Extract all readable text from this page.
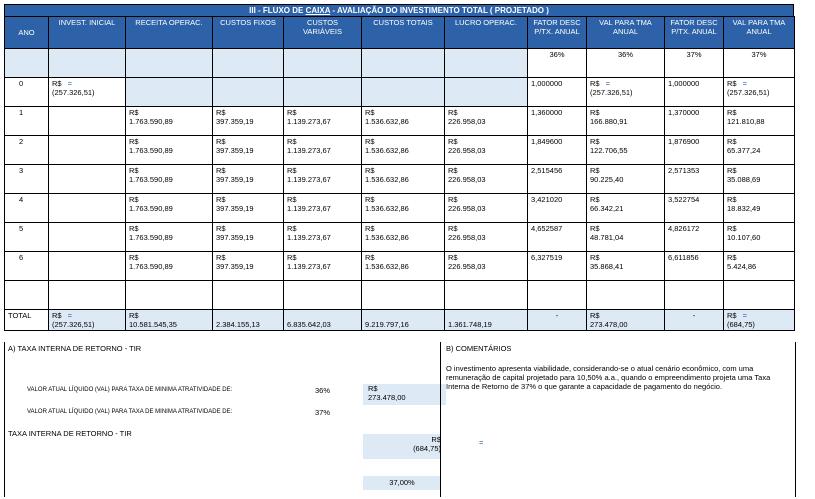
III - FLUXO DE CAIXA - AVALIAÇÃO DO INVESTIMENTO TOTAL ( PROJETADO )
ANO	INVEST. INICIAL	RECEITA OPERAC.	CUSTOS FIXOS	CUSTOS VARIÁVEIS	CUSTOS TOTAIS	LUCRO OPERAC.	FATOR DESC P/TX. ANUAL	VAL PARA TMA ANUAL	FATOR DESC P/TX. ANUAL	VAL PARA TMA ANUAL
							36%	36%	37%	37%
0	R$ =
(257.326,51)						1,000000	R$ =
(257.326,51)	1,000000	R$ =
(257.326,51)

1		R$
1.763.590,89	R$
397.359,19	R$
1.139.273,67	R$
1.536.632,86	R$
226.958,03	1,360000	R$
166.880,91	1,370000	R$
121.810,88

2		R$
1.763.590,89	R$
397.359,19	R$
1.139.273,67	R$
1.536.632,86	R$
226.958,03	1,849600	R$
122.706,55	1,876900	R$
65.377,24

3		R$
1.763.590,89	R$
397.359,19	R$
1.139.273,67	R$
1.536.632,86	R$
226.958,03	2,515456	R$
90.225,40	2,571353	R$
35.088,69

4		R$
1.763.590,89	R$
397.359,19	R$
1.139.273,67	R$
1.536.632,86	R$
226.958,03	3,421020	R$
66.342,21	3,522754	R$
18.832,49

5		R$
1.763.590,89	R$
397.359,19	R$
1.139.273,67	R$
1.536.632,86	R$
226.958,03	4,652587	R$
48.781,04	4,826172	R$
10.107,60

6		R$
1.763.590,89	R$
397.359,19	R$
1.139.273,67	R$
1.536.632,86	R$
226.958,03	6,327519	R$
35.868,41	6,611856	R$
5.424,86

TOTAL	R$ =
(257.326,51)	R$
10.581.545,35	2.384.155,13	6.835.642,03	9.219.797,16	1.361.748,19	-	R$
273.478,00	-	R$ =
(684,75)
A) TAXA INTERNA DE RETORNO - TIR
VALOR ATUAL LÍQUIDO (VAL) PARA TAXA DE MINIMA ATRATIVIDADE DE:	36%	R$
273.478,00
VALOR ATUAL LÍQUIDO (VAL) PARA TAXA DE MINIMA ATRATIVIDADE DE:	37%
TAXA INTERNA DE RETORNO - TIR
R$
(684,75)
37,00%
=
B) COMENTÁRIOS
O investimento apresenta viabilidade, considerando-se o atual cenário econômico, com uma remuneração de capital projetado para 10,50% a.a., quando o empreendimento projeta uma Taxa Interna de Retorno de 37% o que garante a capacidade de pagamento do negócio.
